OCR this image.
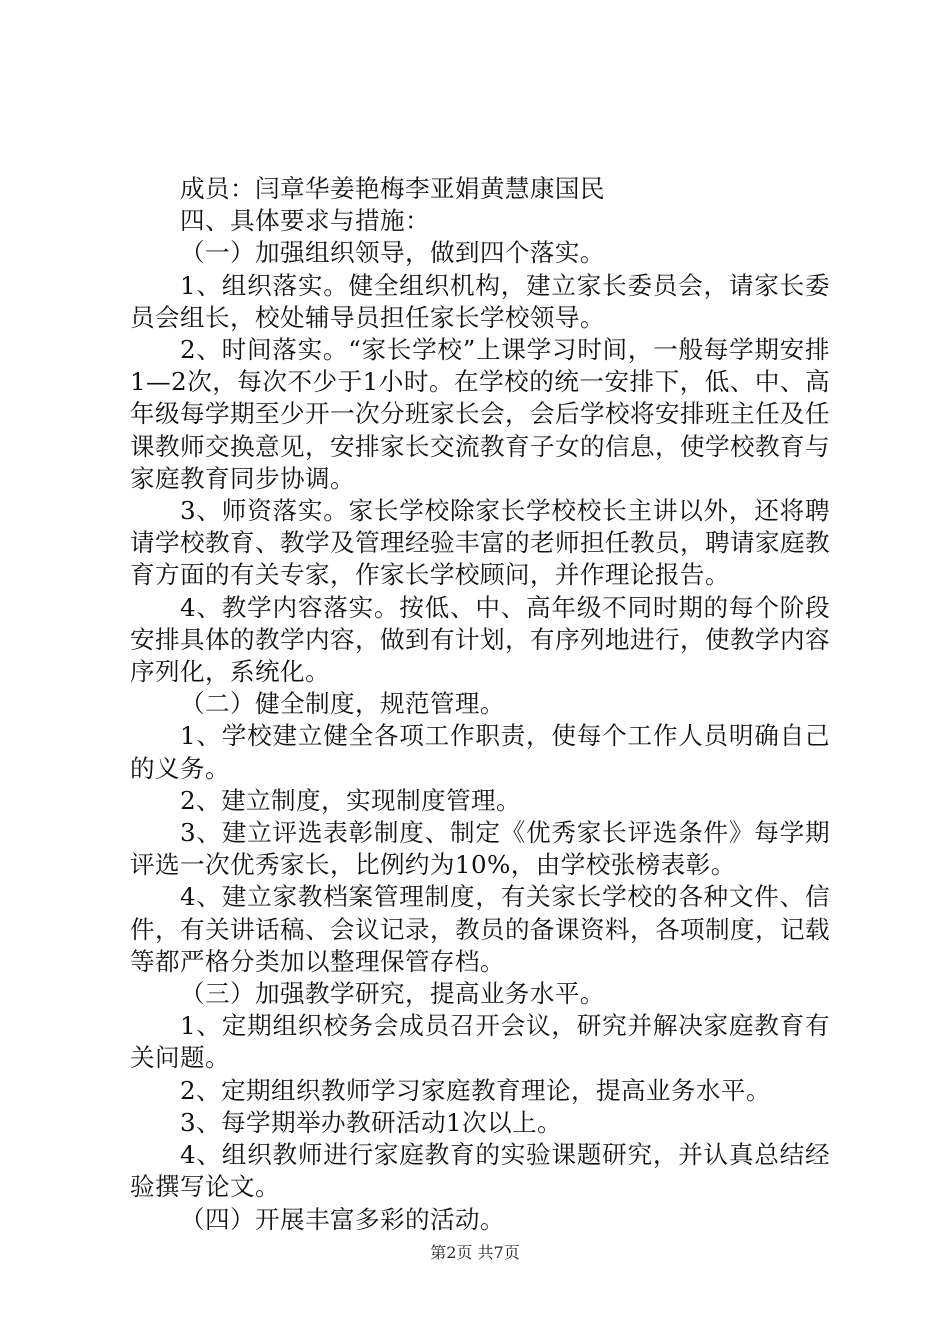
成员：闫章华姜艳梅李亚娟黄慧康国民

四、具体要求与措施：

（一）加强组织领导，做到四个落实。

1、组织落实。健全组织机构，建立家长委员会，请家长委员会组长，校处辅导员担任家长学校领导。

2、时间落实。“家长学校”上课学习时间，一般每学期安排1—2次，每次不少于1小时。在学校的统一安排下，低、中、高年级每学期至少开一次分班家长会，会后学校将安排班主任及任课教师交换意见，安排家长交流教育子女的信息，使学校教育与家庭教育同步协调。

3、师资落实。家长学校除家长学校校长主讲以外，还将聘请学校教育、教学及管理经验丰富的老师担任教员，聘请家庭教育方面的有关专家，作家长学校顾问，并作理论报告。

4、教学内容落实。按低、中、高年级不同时期的每个阶段安排具体的教学内容，做到有计划，有序列地进行，使教学内容序列化，系统化。

（二）健全制度，规范管理。

1、学校建立健全各项工作职责，使每个工作人员明确自己的义务。

2、建立制度，实现制度管理。

3、建立评选表彰制度、制定《优秀家长评选条件》每学期评选一次优秀家长，比例约为10%，由学校张榜表彰。

4、建立家教档案管理制度，有关家长学校的各种文件、信件，有关讲话稿、会议记录，教员的备课资料，各项制度，记载等都严格分类加以整理保管存档。

（三）加强教学研究，提高业务水平。

1、定期组织校务会成员召开会议，研究并解决家庭教育有关问题。

2、定期组织教师学习家庭教育理论，提高业务水平。

3、每学期举办教研活动1次以上。

4、组织教师进行家庭教育的实验课题研究，并认真总结经验撰写论文。

（四）开展丰富多彩的活动。

第2页 共7页
